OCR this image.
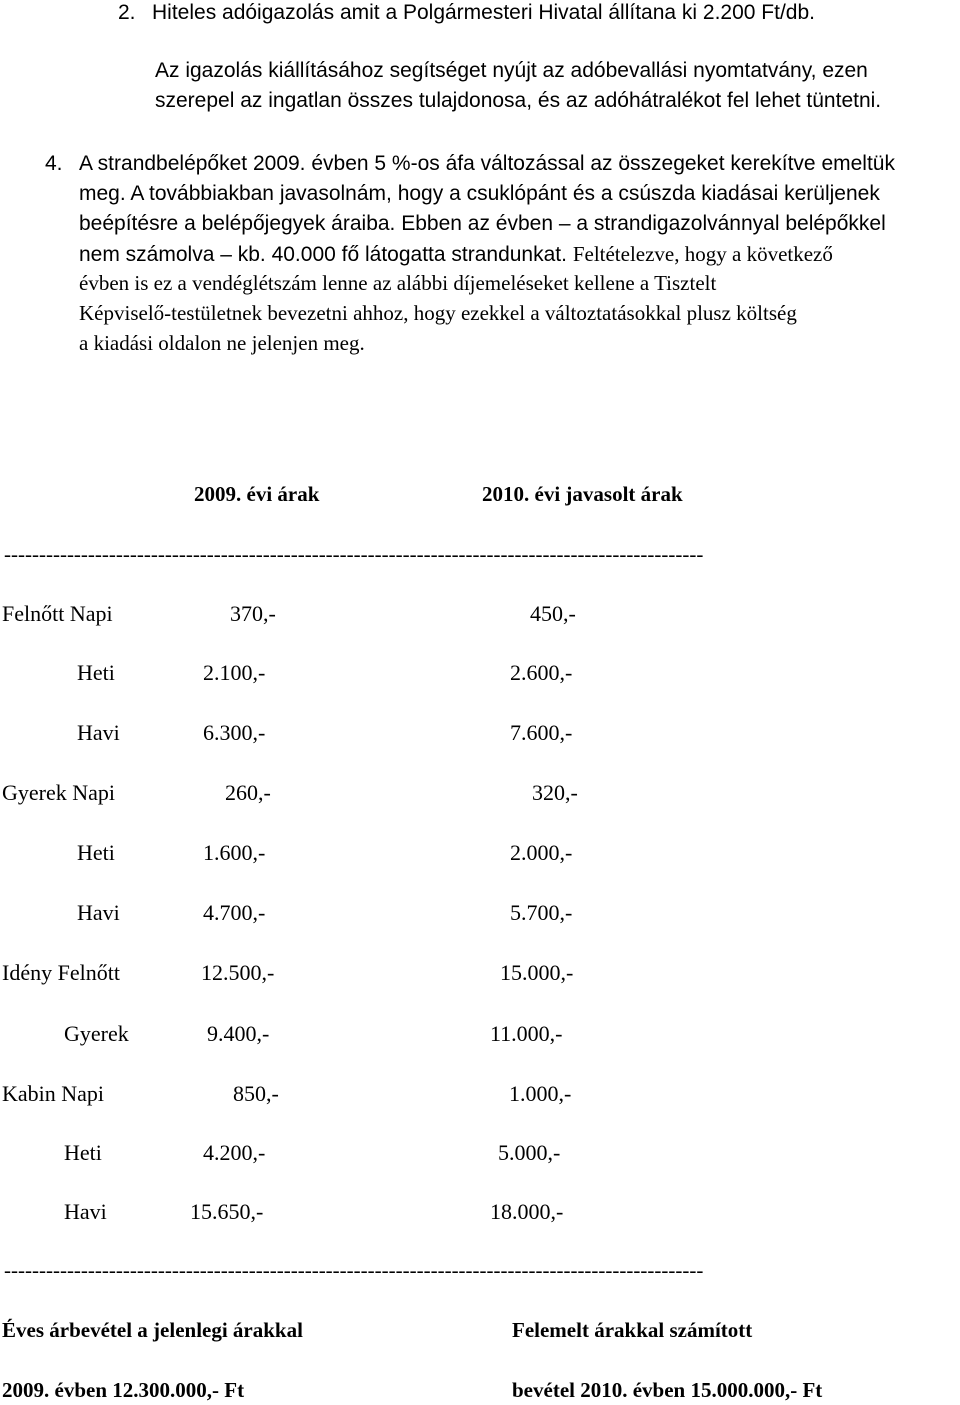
2. Hiteles adóigazolás amit a Polgármesteri Hivatal állítana ki 2.200 Ft/db.
Az igazolás kiállításához segítséget nyújt az adóbevallási nyomtatvány, ezen
szerepel az ingatlan összes tulajdonosa, és az adóhátralékot fel lehet tüntetni.
4. A strandbelépőket 2009. évben 5 %-os áfa változással az összegeket kerekítve emeltük
meg. A továbbiakban javasolnám, hogy a csuklópánt és a csúszda kiadásai kerüljenek
beépítésre a belépőjegyek áraiba. Ebben az évben – a strandigazolvánnyal belépőkkel
nem számolva – kb. 40.000 fő látogatta strandunkat. Feltételezve, hogy a következő
évben is ez a vendéglétszám lenne az alábbi díjemeléseket kellene a Tisztelt
Képviselő-testületnek bevezetni ahhoz, hogy ezekkel a változtatásokkal plusz költség
a kiadási oldalon ne jelenjen meg.
2009. évi árak	2010. évi javasolt árak
----------------------------------------------------------------------------------------------------
Felnőtt Napi	370,-	450,-
Heti	2.100,-	2.600,-
Havi	6.300,-	7.600,-
Gyerek Napi	260,-	320,-
Heti	1.600,-	2.000,-
Havi	4.700,-	5.700,-
Idény Felnőtt	12.500,-	15.000,-
Gyerek	9.400,-	11.000,-
Kabin Napi	850,-	1.000,-
Heti	4.200,-	5.000,-
Havi	15.650,-	18.000,-
----------------------------------------------------------------------------------------------------
Éves árbevétel a jelenlegi árakkal	Felemelt árakkal számított
2009. évben 12.300.000,- Ft	bevétel 2010. évben 15.000.000,- Ft
